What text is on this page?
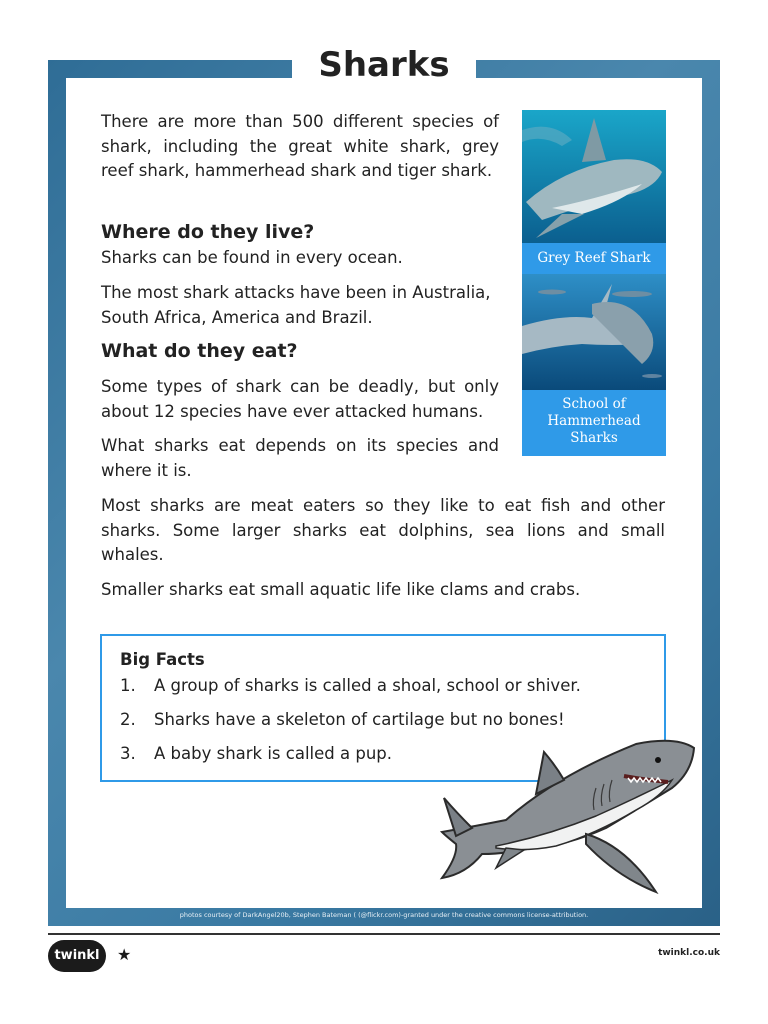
Sharks
There are more than 500 different species of shark, including the great white shark, grey reef shark, hammerhead shark and tiger shark.
Where do they live?
Sharks can be found in every ocean.
The most shark attacks have been in Australia, South Africa, America and Brazil.
What do they eat?
Some types of shark can be deadly, but only about 12 species have ever attacked humans.
What sharks eat depends on its species and where it is.
Most sharks are meat eaters so they like to eat fish and other sharks. Some larger sharks eat dolphins, sea lions and small whales.
Smaller sharks eat small aquatic life like clams and crabs.
Grey Reef Shark
School of Hammerhead Sharks
Big Facts
1. A group of sharks is called a shoal, school or shiver.
2. Sharks have a skeleton of cartilage but no bones!
3. A baby shark is called a pup.
photos courtesy of DarkAngel20b, Stephen Bateman ( (@flickr.com)-granted under the creative commons license-attribution.
twinkl	★	twinkl.co.uk
